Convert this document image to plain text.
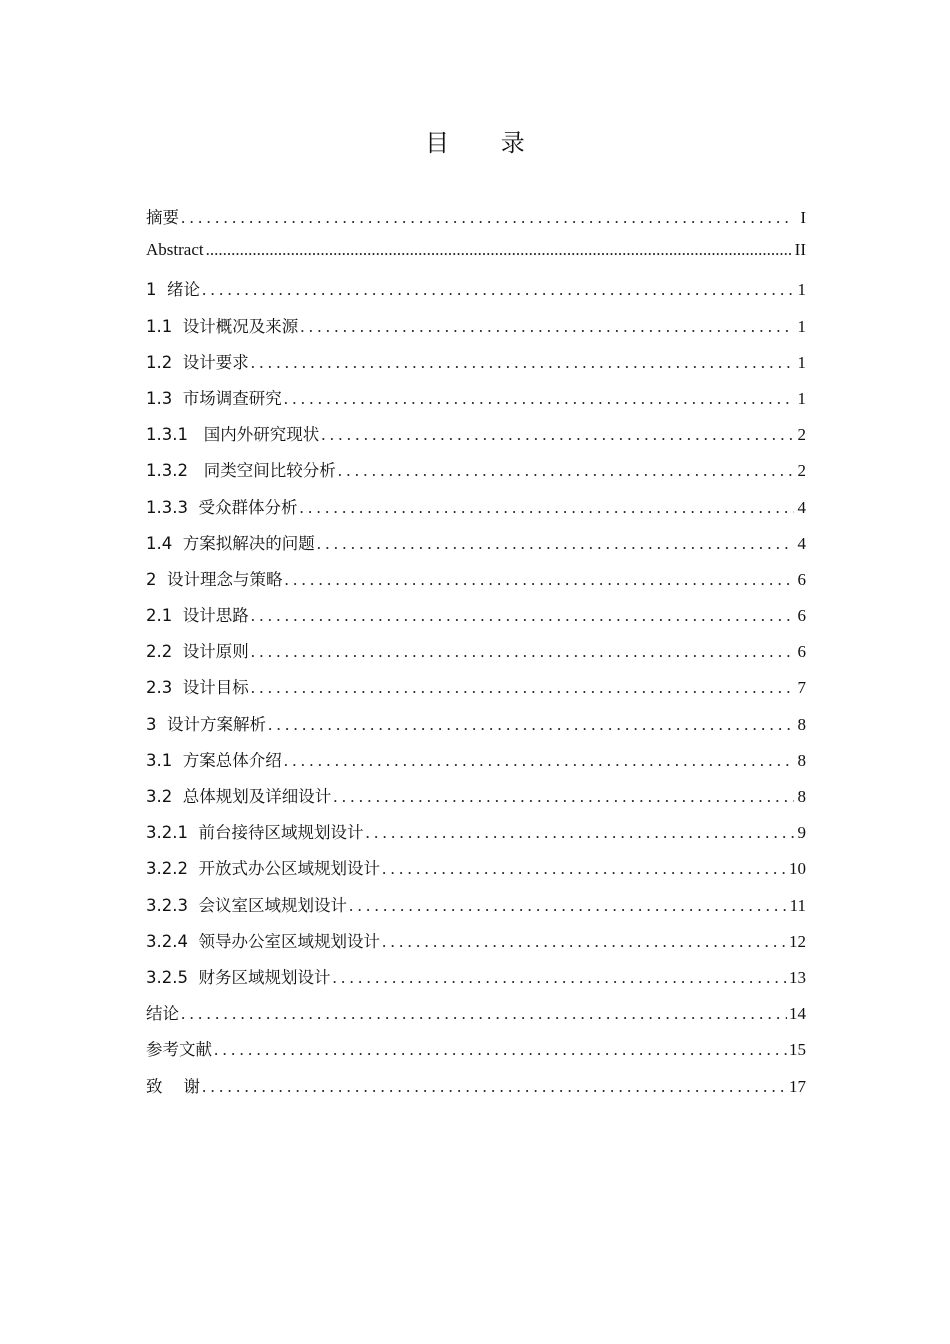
目 录
摘要 . . .	I
Abstract .....	II
1  绪论 . . .	1
1.1  设计概况及来源 . . .	1
1.2  设计要求 . . .	1
1.3  市场调查研究 . . .	1
1.3.1   国内外研究现状 . . .	2
1.3.2   同类空间比较分析 . . .	2
1.3.3  受众群体分析 . . .	4
1.4  方案拟解决的问题 . . .	4
2  设计理念与策略 . . .	6
2.1  设计思路 . . .	6
2.2  设计原则 . . .	6
2.3  设计目标 . . .	7
3  设计方案解析 . . .	8
3.1  方案总体介绍 . . .	8
3.2  总体规划及详细设计 . . .	8
3.2.1  前台接待区域规划设计 . . .	9
3.2.2  开放式办公区域规划设计 . . .	10
3.2.3  会议室区域规划设计 . . .	11
3.2.4  领导办公室区域规划设计 . . .	12
3.2.5  财务区域规划设计 . . .	13
结论 . . .	14
参考文献 . . .	15
致    谢 . . .	17
